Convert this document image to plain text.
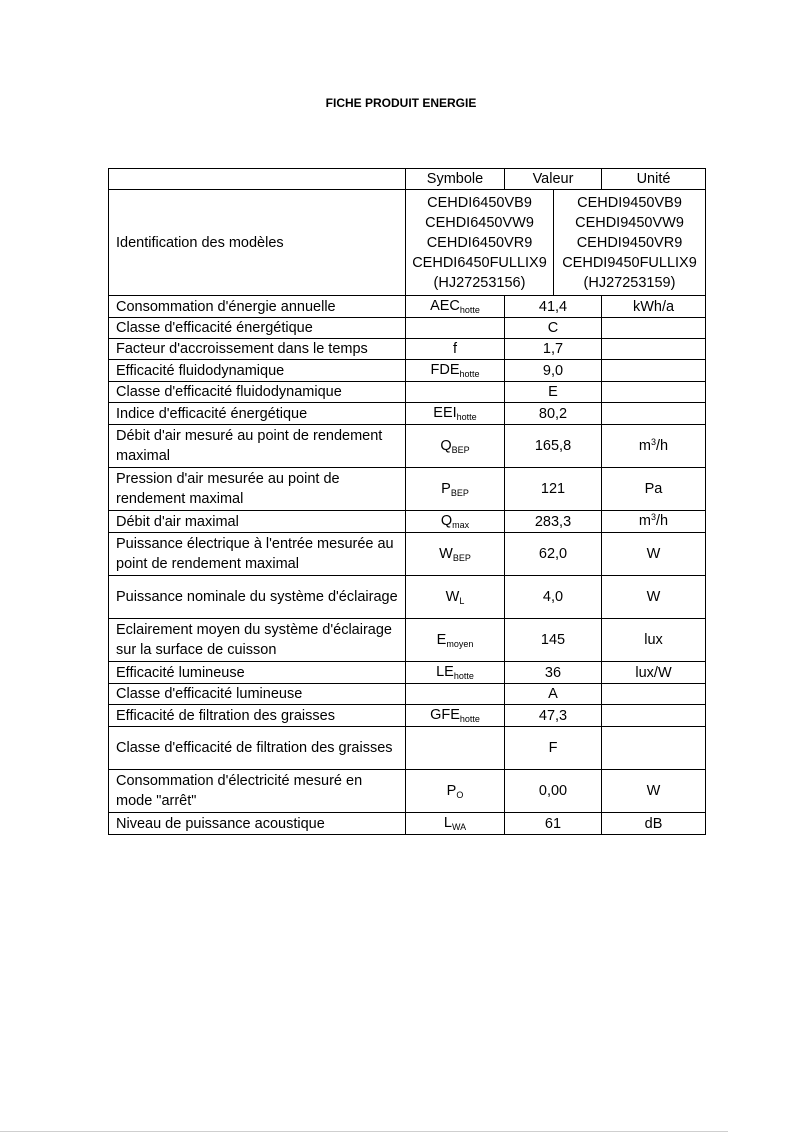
FICHE PRODUIT ENERGIE
	Symbole	Valeur		Unité
Identification des modèles	CEHDI6450VB9
CEHDI6450VW9
CEHDI6450VR9
CEHDI6450FULLIX9
(HJ27253156)		CEHDI9450VB9
CEHDI9450VW9
CEHDI9450VR9
CEHDI9450FULLIX9
(HJ27253159)	

Consommation d'énergie annuelle	$AEC_{hotte}$	41,4		kWh/a
Classe d'efficacité énergétique		C		
Facteur d'accroissement dans le temps	f	1,7		
Efficacité fluidodynamique	$FDE_{hotte}$	9,0		
Classe d'efficacité fluidodynamique		E		
Indice d'efficacité énergétique	$EEI_{hotte}$	80,2		
Débit d'air mesuré au point de rendement maximal	$Q_{BEP}$	165,8		$m^3/h$
Pression d'air mesurée au point de rendement maximal	$P_{BEP}$	121		Pa
Débit d'air maximal	$Q_{max}$	283,3		$m^3/h$
Puissance électrique à l'entrée mesurée au point de rendement maximal	$W_{BEP}$	62,0		W
Puissance nominale du système d'éclairage	$W_L$	4,0		W
Eclairement moyen du système d'éclairage sur la surface de cuisson	$E_{moyen}$	145		lux
Efficacité lumineuse	$LE_{hotte}$	36		lux/W
Classe d'efficacité lumineuse		A		
Efficacité de filtration des graisses	$GFE_{hotte}$	47,3		
Classe d'efficacité de filtration des graisses		F		
Consommation d'électricité mesuré en mode "arrêt"	$P_O$	0,00		W
Niveau de puissance acoustique	$L_{WA}$	61		dB
